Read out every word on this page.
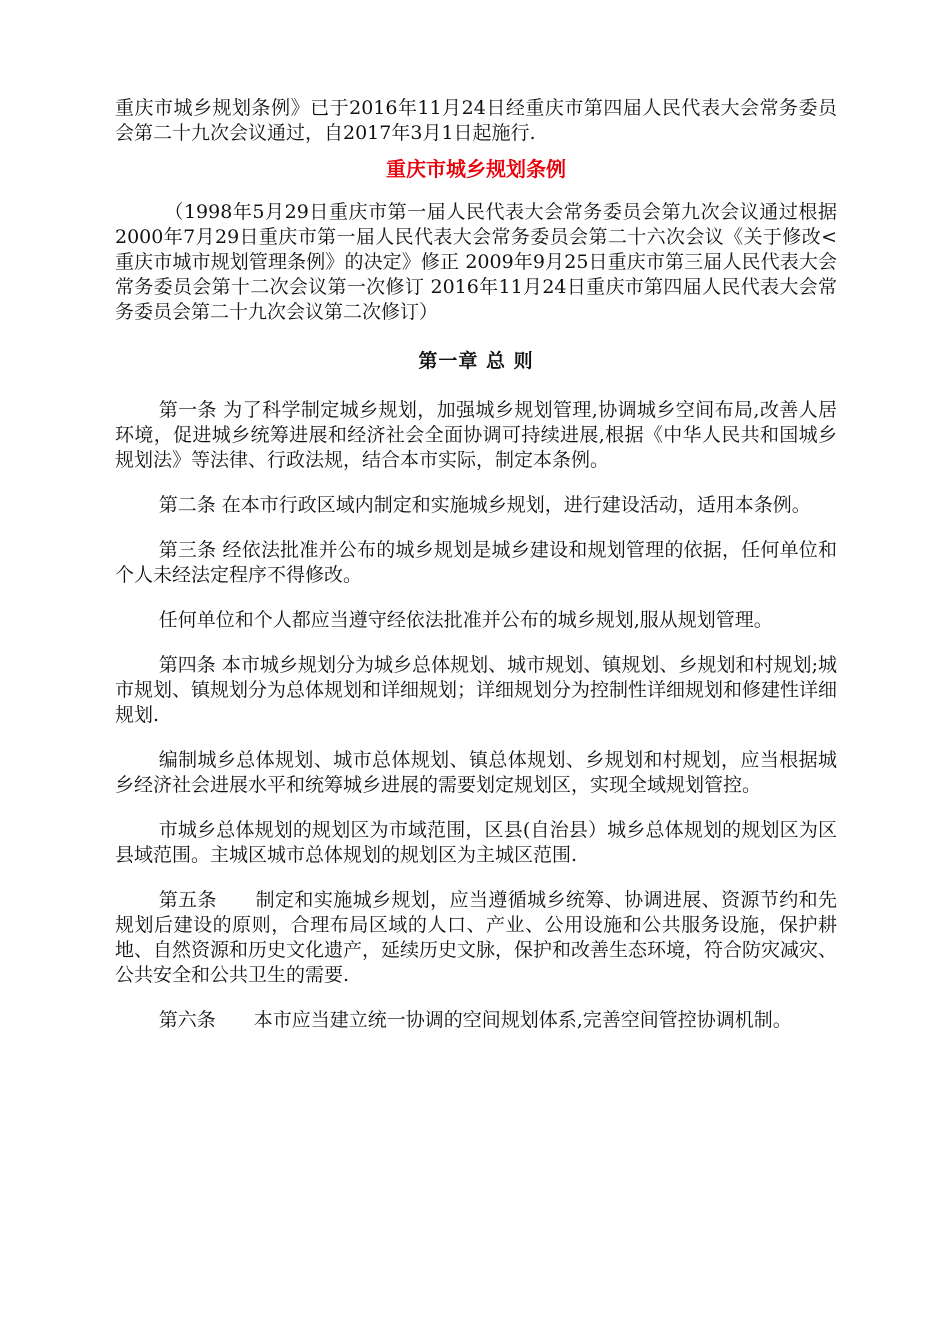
重庆市城乡规划条例》已于2016年11月24日经重庆市第四届人民代表大会常务委员会第二十九次会议通过，自2017年3月1日起施行.

重庆市城乡规划条例

（1998年5月29日重庆市第一届人民代表大会常务委员会第九次会议通过根据2000年7月29日重庆市第一届人民代表大会常务委员会第二十六次会议《关于修改<重庆市城市规划管理条例》的决定》修正 2009年9月25日重庆市第三届人民代表大会常务委员会第十二次会议第一次修订 2016年11月24日重庆市第四届人民代表大会常务委员会第二十九次会议第二次修订）

第一章 总 则

第一条 为了科学制定城乡规划，加强城乡规划管理,协调城乡空间布局,改善人居环境，促进城乡统筹进展和经济社会全面协调可持续进展,根据《中华人民共和国城乡规划法》等法律、行政法规，结合本市实际，制定本条例。

第二条 在本市行政区域内制定和实施城乡规划，进行建设活动，适用本条例。

第三条 经依法批准并公布的城乡规划是城乡建设和规划管理的依据，任何单位和个人未经法定程序不得修改。

任何单位和个人都应当遵守经依法批准并公布的城乡规划,服从规划管理。

第四条 本市城乡规划分为城乡总体规划、城市规划、镇规划、乡规划和村规划;城市规划、镇规划分为总体规划和详细规划；详细规划分为控制性详细规划和修建性详细规划.

编制城乡总体规划、城市总体规划、镇总体规划、乡规划和村规划，应当根据城乡经济社会进展水平和统筹城乡进展的需要划定规划区，实现全域规划管控。

市城乡总体规划的规划区为市域范围，区县(自治县）城乡总体规划的规划区为区县域范围。主城区城市总体规划的规划区为主城区范围.

第五条　　制定和实施城乡规划，应当遵循城乡统筹、协调进展、资源节约和先规划后建设的原则，合理布局区域的人口、产业、公用设施和公共服务设施，保护耕地、自然资源和历史文化遗产，延续历史文脉，保护和改善生态环境，符合防灾减灾、公共安全和公共卫生的需要.

第六条　　本市应当建立统一协调的空间规划体系,完善空间管控协调机制。
